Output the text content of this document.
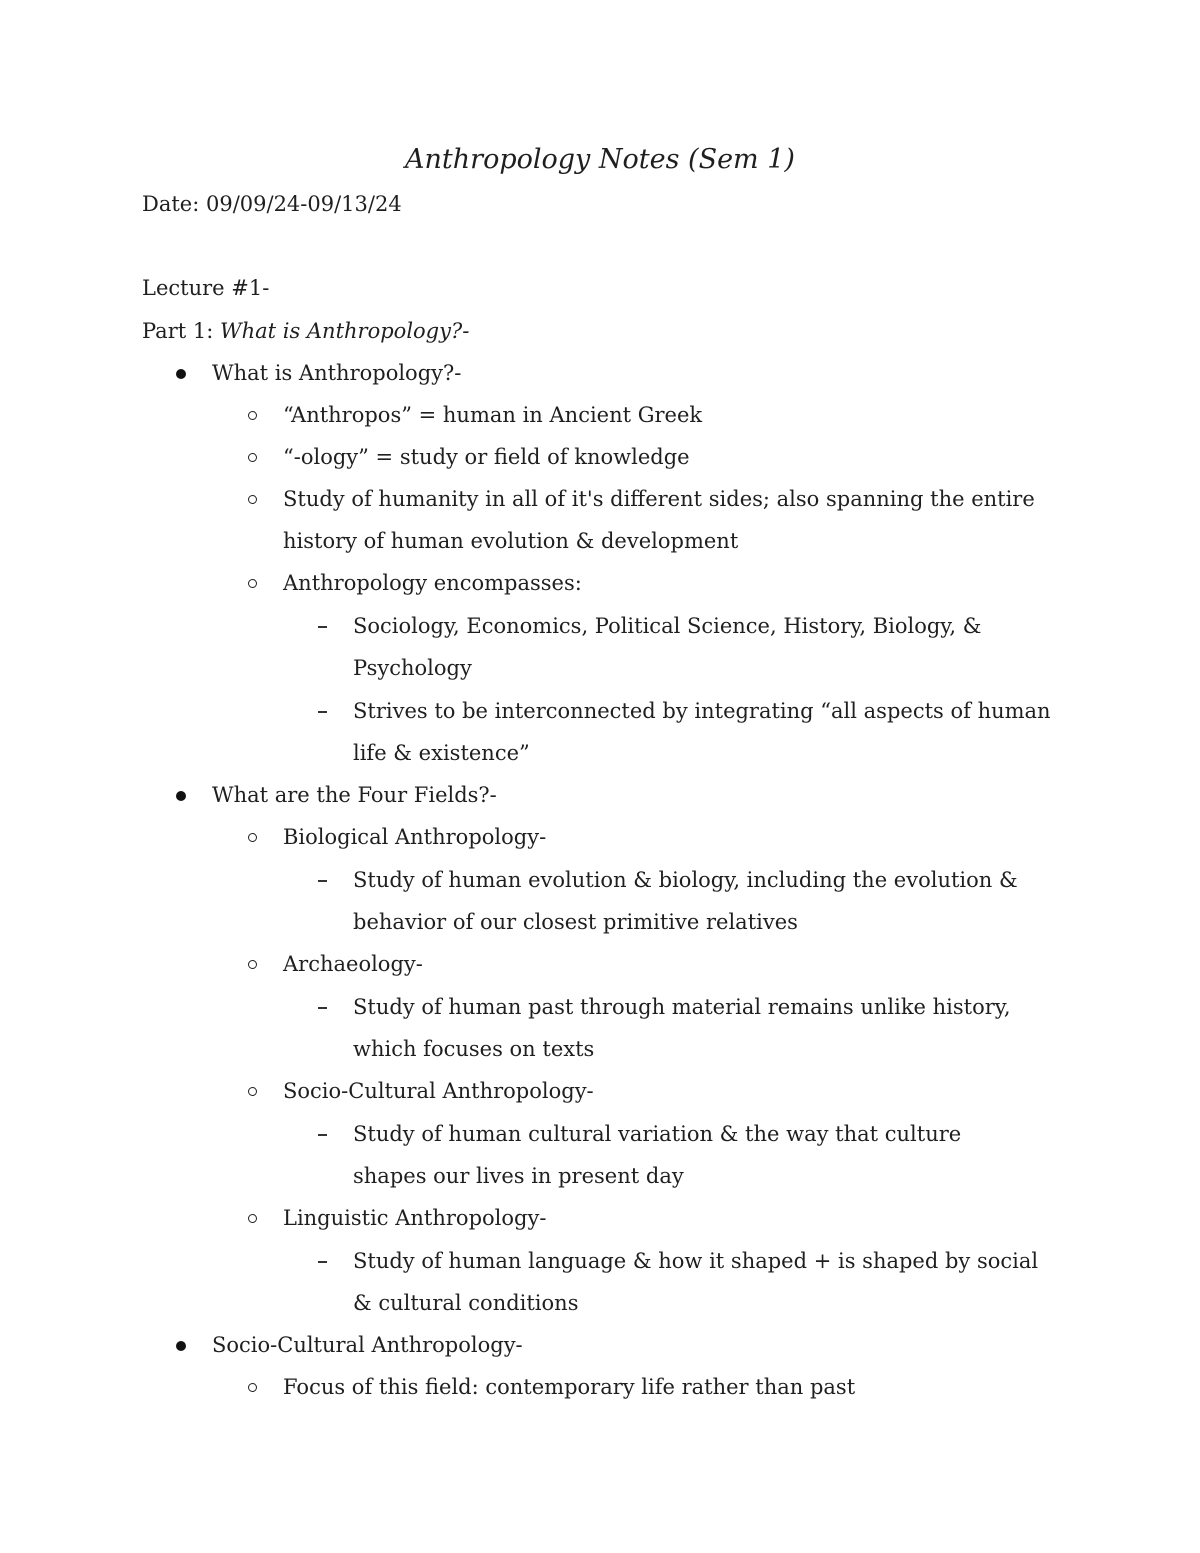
Anthropology Notes (Sem 1)
Date: 09/09/24-09/13/24
Lecture #1-
Part 1: What is Anthropology?-
What is Anthropology?-
“Anthropos” = human in Ancient Greek
“-ology” = study or field of knowledge
Study of humanity in all of it's different sides; also spanning the entire
history of human evolution & development
Anthropology encompasses:
Sociology, Economics, Political Science, History, Biology, &
Psychology
Strives to be interconnected by integrating “all aspects of human
life & existence”
What are the Four Fields?-
Biological Anthropology-
Study of human evolution & biology, including the evolution &
behavior of our closest primitive relatives
Archaeology-
Study of human past through material remains unlike history,
which focuses on texts
Socio-Cultural Anthropology-
Study of human cultural variation & the way that culture
shapes our lives in present day
Linguistic Anthropology-
Study of human language & how it shaped + is shaped by social
& cultural conditions
Socio-Cultural Anthropology-
Focus of this field: contemporary life rather than past
